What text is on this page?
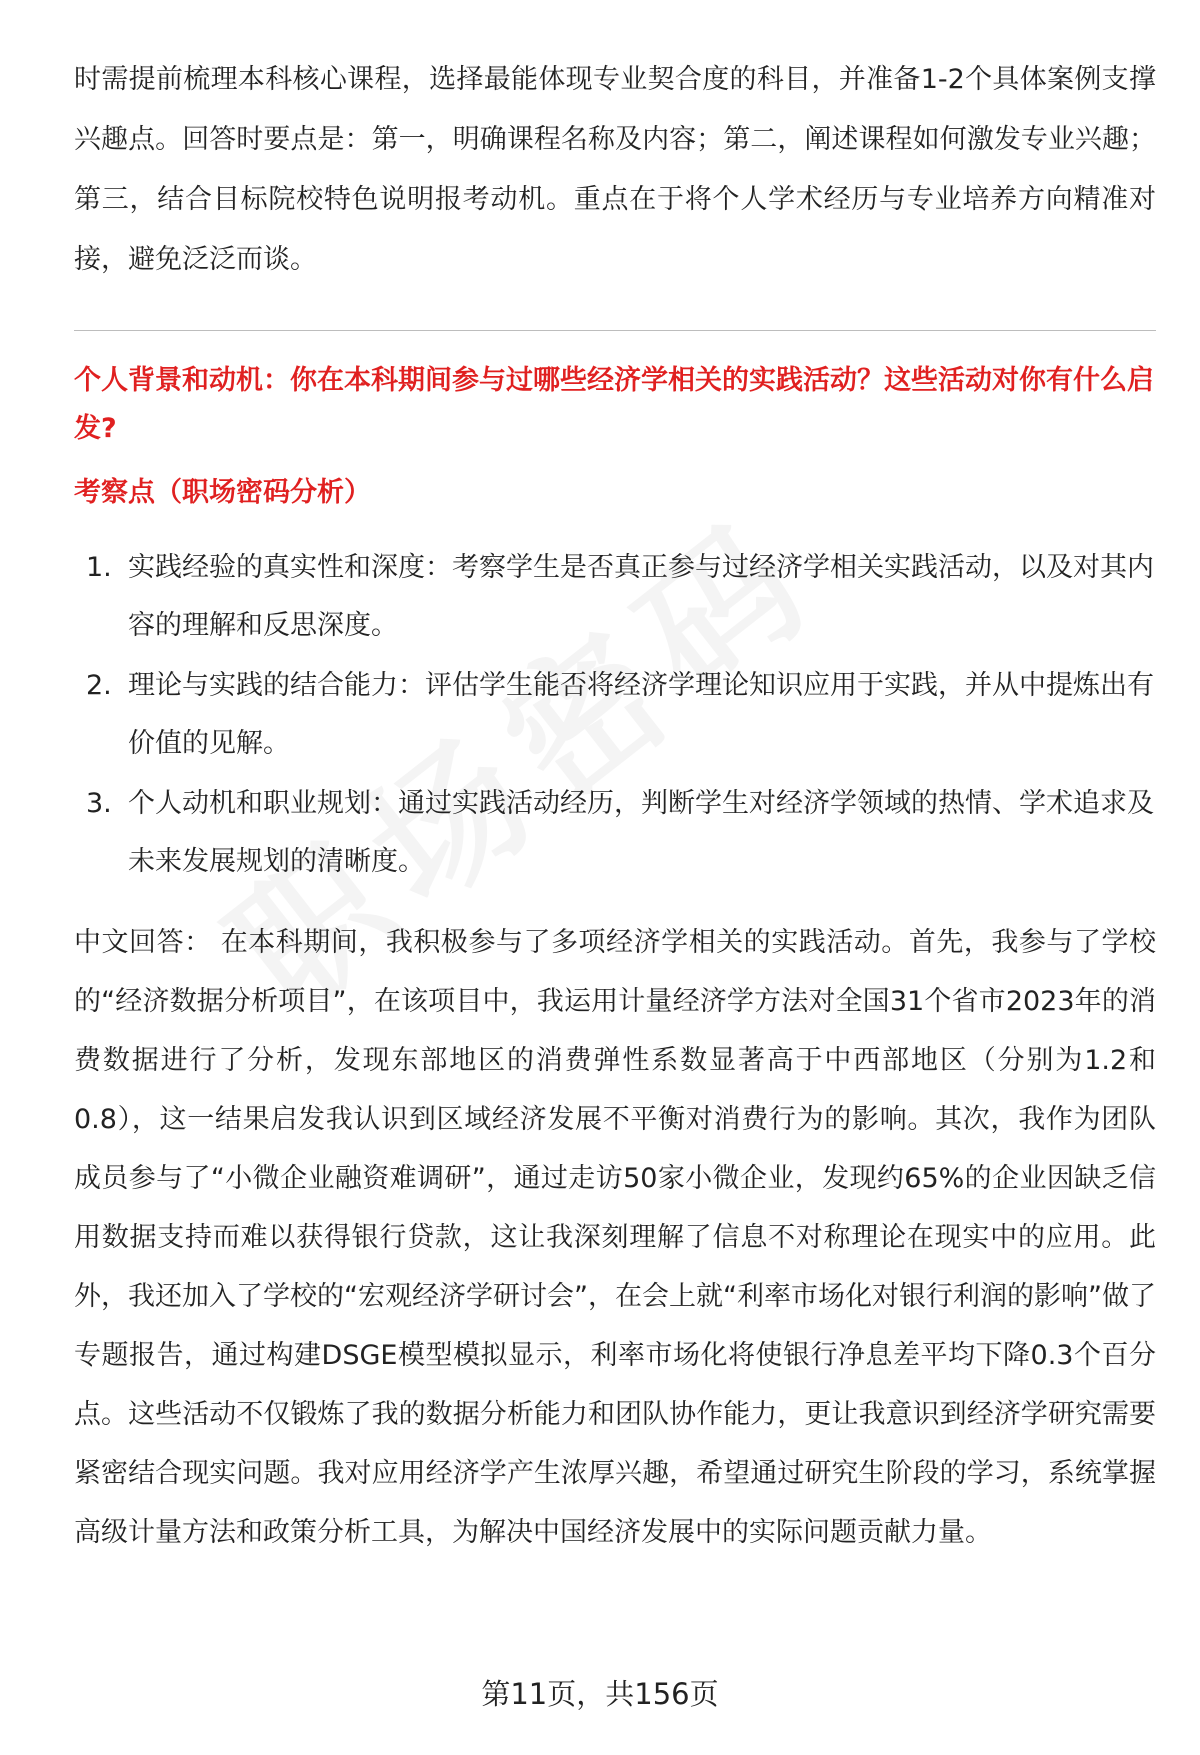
时需提前梳理本科核心课程，选择最能体现专业契合度的科目，并准备1-2个具体案例支撑兴趣点。回答时要点是：第一，明确课程名称及内容；第二，阐述课程如何激发专业兴趣；第三，结合目标院校特色说明报考动机。重点在于将个人学术经历与专业培养方向精准对接，避免泛泛而谈。

个人背景和动机：你在本科期间参与过哪些经济学相关的实践活动？这些活动对你有什么启发?

考察点（职场密码分析）
1. 实践经验的真实性和深度：考察学生是否真正参与过经济学相关实践活动，以及对其内容的理解和反思深度。
2. 理论与实践的结合能力：评估学生能否将经济学理论知识应用于实践，并从中提炼出有价值的见解。
3. 个人动机和职业规划：通过实践活动经历，判断学生对经济学领域的热情、学术追求及未来发展规划的清晰度。

中文回答： 在本科期间，我积极参与了多项经济学相关的实践活动。首先，我参与了学校的“经济数据分析项目”，在该项目中，我运用计量经济学方法对全国31个省市2023年的消费数据进行了分析，发现东部地区的消费弹性系数显著高于中西部地区（分别为1.2和0.8），这一结果启发我认识到区域经济发展不平衡对消费行为的影响。其次，我作为团队成员参与了“小微企业融资难调研”，通过走访50家小微企业，发现约65%的企业因缺乏信用数据支持而难以获得银行贷款，这让我深刻理解了信息不对称理论在现实中的应用。此外，我还加入了学校的“宏观经济学研讨会”，在会上就“利率市场化对银行利润的影响”做了专题报告，通过构建DSGE模型模拟显示，利率市场化将使银行净息差平均下降0.3个百分点。这些活动不仅锻炼了我的数据分析能力和团队协作能力，更让我意识到经济学研究需要紧密结合现实问题。我对应用经济学产生浓厚兴趣，希望通过研究生阶段的学习，系统掌握高级计量方法和政策分析工具，为解决中国经济发展中的实际问题贡献力量。

第11页，共156页
